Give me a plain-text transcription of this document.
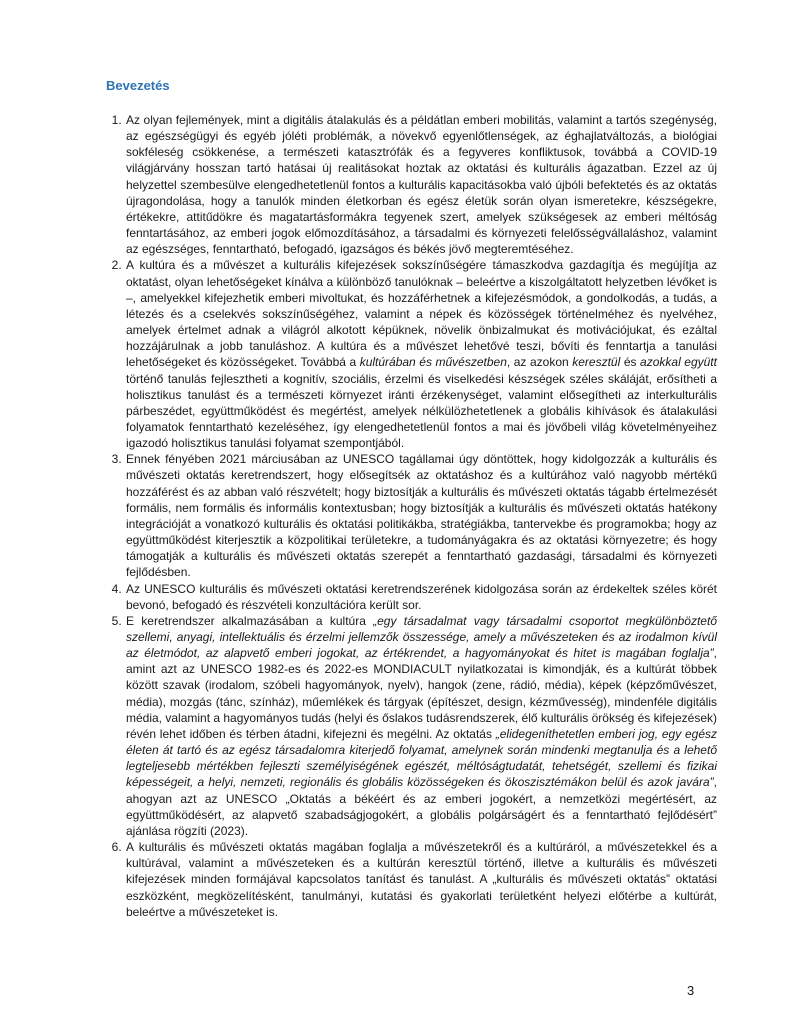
Bevezetés
1. Az olyan fejlemények, mint a digitális átalakulás és a példátlan emberi mobilitás, valamint a tartós szegénység, az egészségügyi és egyéb jóléti problémák, a növekvő egyenlőtlenségek, az éghajlatváltozás, a biológiai sokféleség csökkenése, a természeti katasztrófák és a fegyveres konfliktusok, továbbá a COVID-19 világjárvány hosszan tartó hatásai új realitásokat hoztak az oktatási és kulturális ágazatban. Ezzel az új helyzettel szembesülve elengedhetetlenül fontos a kulturális kapacitásokba való újbóli befektetés és az oktatás újragondolása, hogy a tanulók minden életkorban és egész életük során olyan ismeretekre, készségekre, értékekre, attitűdökre és magatartásformákra tegyenek szert, amelyek szükségesek az emberi méltóság fenntartásához, az emberi jogok előmozdításához, a társadalmi és környezeti felelősségvállaláshoz, valamint az egészséges, fenntartható, befogadó, igazságos és békés jövő megteremtéséhez.
2. A kultúra és a művészet a kulturális kifejezések sokszínűségére támaszkodva gazdagítja és megújítja az oktatást, olyan lehetőségeket kínálva a különböző tanulóknak – beleértve a kiszolgáltatott helyzetben lévőket is –, amelyekkel kifejezhetik emberi mivoltukat, és hozzáférhetnek a kifejezésmódok, a gondolkodás, a tudás, a létezés és a cselekvés sokszínűségéhez, valamint a népek és közösségek történelméhez és nyelvéhez, amelyek értelmet adnak a világról alkotott képüknek, növelik önbizalmukat és motivációjukat, és ezáltal hozzájárulnak a jobb tanuláshoz. A kultúra és a művészet lehetővé teszi, bővíti és fenntartja a tanulási lehetőségeket és közösségeket. Továbbá a kultúrában és művészetben, az azokon keresztül és azokkal együtt történő tanulás fejlesztheti a kognitív, szociális, érzelmi és viselkedési készségek széles skáláját, erősítheti a holisztikus tanulást és a természeti környezet iránti érzékenységet, valamint elősegítheti az interkulturális párbeszédet, együttműködést és megértést, amelyek nélkülözhetetlenek a globális kihívások és átalakulási folyamatok fenntartható kezeléséhez, így elengedhetetlenül fontos a mai és jövőbeli világ követelményeihez igazodó holisztikus tanulási folyamat szempontjából.
3. Ennek fényében 2021 márciusában az UNESCO tagállamai úgy döntöttek, hogy kidolgozzák a kulturális és művészeti oktatás keretrendszert, hogy elősegítsék az oktatáshoz és a kultúrához való nagyobb mértékű hozzáférést és az abban való részvételt; hogy biztosítják a kulturális és művészeti oktatás tágabb értelmezését formális, nem formális és informális kontextusban; hogy biztosítják a kulturális és művészeti oktatás hatékony integrációját a vonatkozó kulturális és oktatási politikákba, stratégiákba, tantervekbe és programokba; hogy az együttműködést kiterjesztik a közpolitikai területekre, a tudományágakra és az oktatási környezetre; és hogy támogatják a kulturális és művészeti oktatás szerepét a fenntartható gazdasági, társadalmi és környezeti fejlődésben.
4. Az UNESCO kulturális és művészeti oktatási keretrendszerének kidolgozása során az érdekeltek széles körét bevonó, befogadó és részvételi konzultációra került sor.
5. E keretrendszer alkalmazásában a kultúra „egy társadalmat vagy társadalmi csoportot megkülönböztető szellemi, anyagi, intellektuális és érzelmi jellemzők összessége, amely a művészeteken és az irodalmon kívül az életmódot, az alapvető emberi jogokat, az értékrendet, a hagyományokat és hitet is magában foglalja”, amint azt az UNESCO 1982-es és 2022-es MONDIACULT nyilatkozatai is kimondják, és a kultúrát többek között szavak (irodalom, szóbeli hagyományok, nyelv), hangok (zene, rádió, média), képek (képzőművészet, média), mozgás (tánc, színház), műemlékek és tárgyak (építészet, design, kézművesség), mindenféle digitális média, valamint a hagyományos tudás (helyi és őslakos tudásrendszerek, élő kulturális örökség és kifejezések) révén lehet időben és térben átadni, kifejezni és megélni. Az oktatás „elidegeníthetetlen emberi jog, egy egész életen át tartó és az egész társadalomra kiterjedő folyamat, amelynek során mindenki megtanulja és a lehető legteljesebb mértékben fejleszti személyiségének egészét, méltóságtudatát, tehetségét, szellemi és fizikai képességeit, a helyi, nemzeti, regionális és globális közösségeken és ökoszisztémákon belül és azok javára”, ahogyan azt az UNESCO „Oktatás a békéért és az emberi jogokért, a nemzetközi megértésért, az együttműködésért, az alapvető szabadságjogokért, a globális polgárságért és a fenntartható fejlődésért” ajánlása rögzíti (2023).
6. A kulturális és művészeti oktatás magában foglalja a művészetekről és a kultúráról, a művészetekkel és a kultúrával, valamint a művészeteken és a kultúrán keresztül történő, illetve a kulturális és művészeti kifejezések minden formájával kapcsolatos tanítást és tanulást. A „kulturális és művészeti oktatás” oktatási eszközként, megközelítésként, tanulmányi, kutatási és gyakorlati területként helyezi előtérbe a kultúrát, beleértve a művészeteket is.
3
